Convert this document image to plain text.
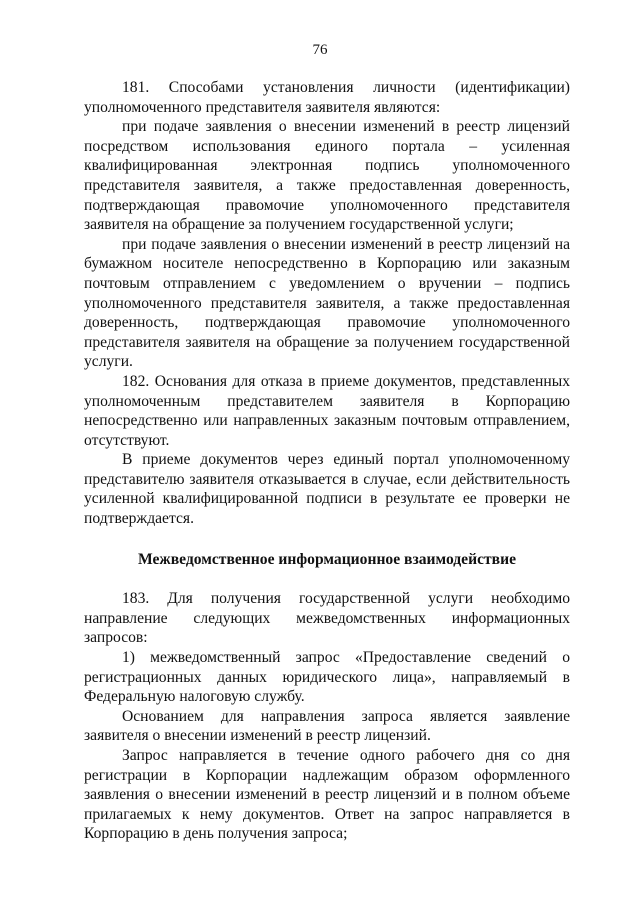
76

181. Способами установления личности (идентификации) уполномоченного представителя заявителя являются:

при подаче заявления о внесении изменений в реестр лицензий посредством использования единого портала – усиленная квалифицированная электронная подпись уполномоченного представителя заявителя, а также предоставленная доверенность, подтверждающая правомочие уполномоченного представителя заявителя на обращение за получением государственной услуги;

при подаче заявления о внесении изменений в реестр лицензий на бумажном носителе непосредственно в Корпорацию или заказным почтовым отправлением с уведомлением о вручении – подпись уполномоченного представителя заявителя, а также предоставленная доверенность, подтверждающая правомочие уполномоченного представителя заявителя на обращение за получением государственной услуги.

182. Основания для отказа в приеме документов, представленных уполномоченным представителем заявителя в Корпорацию непосредственно или направленных заказным почтовым отправлением, отсутствуют.

В приеме документов через единый портал уполномоченному представителю заявителя отказывается в случае, если действительность усиленной квалифицированной подписи в результате ее проверки не подтверждается.

Межведомственное информационное взаимодействие

183. Для получения государственной услуги необходимо направление следующих межведомственных информационных запросов:

1) межведомственный запрос «Предоставление сведений о регистрационных данных юридического лица», направляемый в Федеральную налоговую службу.

Основанием для направления запроса является заявление заявителя о внесении изменений в реестр лицензий.

Запрос направляется в течение одного рабочего дня со дня регистрации в Корпорации надлежащим образом оформленного заявления о внесении изменений в реестр лицензий и в полном объеме прилагаемых к нему документов. Ответ на запрос направляется в Корпорацию в день получения запроса;
